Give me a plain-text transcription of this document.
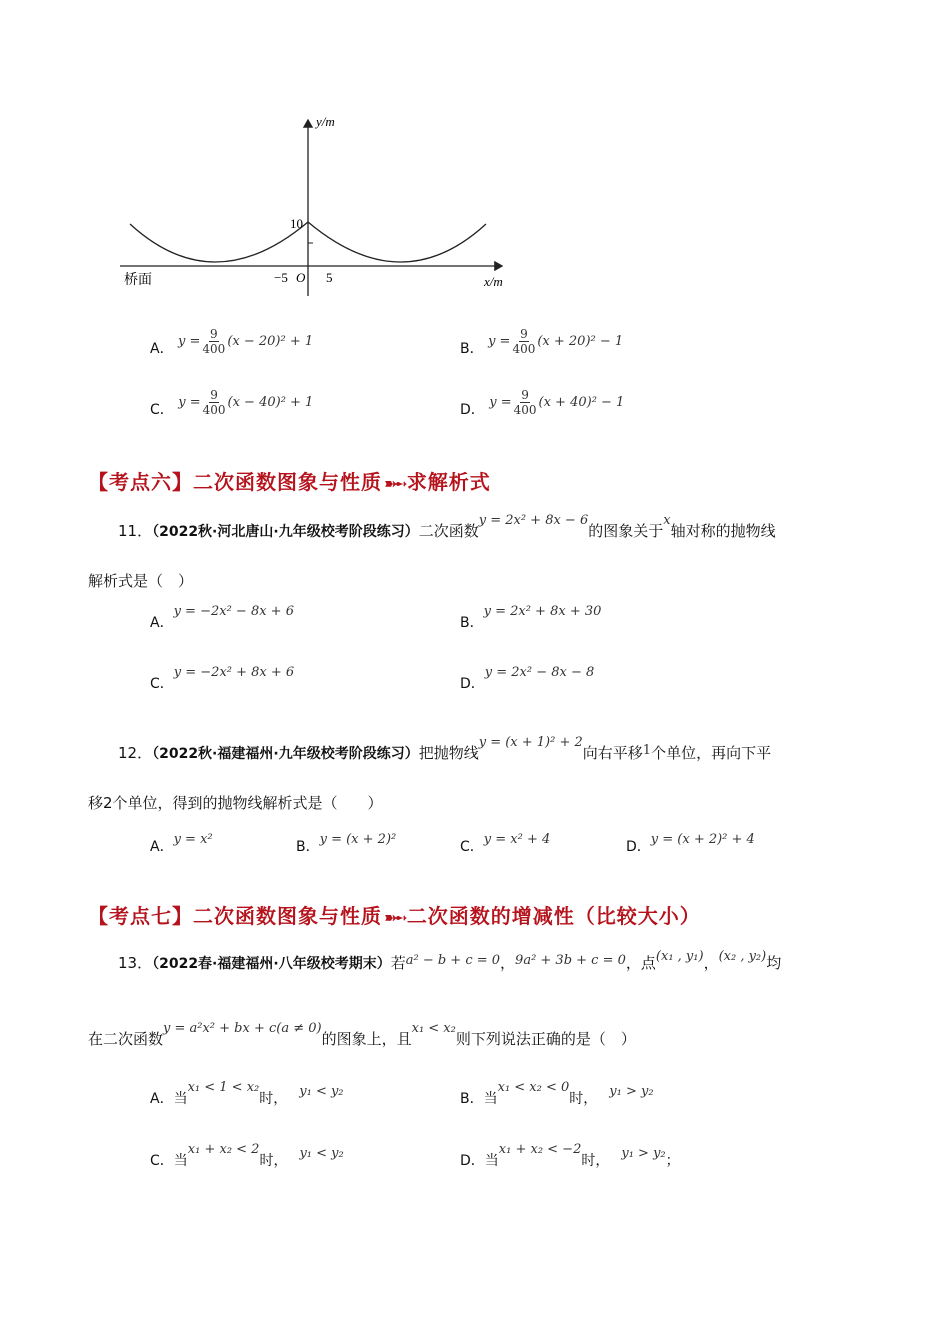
y/m
x/m
10
−5 O 5
桥面
A． $y = \frac{9}{400} (x - 20)^2 + 1$	B． $y = \frac{9}{400} (x + 20)^2 - 1$
C． $y = \frac{9}{400} (x - 40)^2 + 1$	D． $y = \frac{9}{400} (x + 40)^2 - 1$
【考点六】二次函数图象与性质 ➽➻ 求解析式
11．（2022秋·河北唐山·九年级校考阶段练习）二次函数y = 2x² + 8x − 6的图象关于x轴对称的抛物线
解析式是（　）
A．y = −2x² − 8x + 6
B．y = 2x² + 8x + 30
C．y = −2x² + 8x + 6
D．y = 2x² − 8x − 8
12．（2022秋·福建福州·九年级校考阶段练习）把抛物线y = (x + 1)² + 2向右平移1个单位，再向下平
移2个单位，得到的抛物线解析式是（　　）
A．y = x²	B．y = (x + 2)²	C．y = x² + 4	D．y = (x + 2)² + 4
【考点七】二次函数图象与性质 ➽➻ 二次函数的增减性（比较大小）
13．（2022春·福建福州·八年级校考期末）若a² − b + c = 0，9a² + 3b + c = 0，点(x₁ , y₁)，(x₂ , y₂)均
在二次函数y = a²x² + bx + c(a ≠ 0)的图象上，且x₁ < x₂则下列说法正确的是（　）
A．当x₁ < 1 < x₂时， y₁ < y₂	B．当x₁ < x₂ < 0时， y₁ > y₂
C．当x₁ + x₂ < 2时， y₁ < y₂	D．当x₁ + x₂ < −2时， y₁ > y₂；
